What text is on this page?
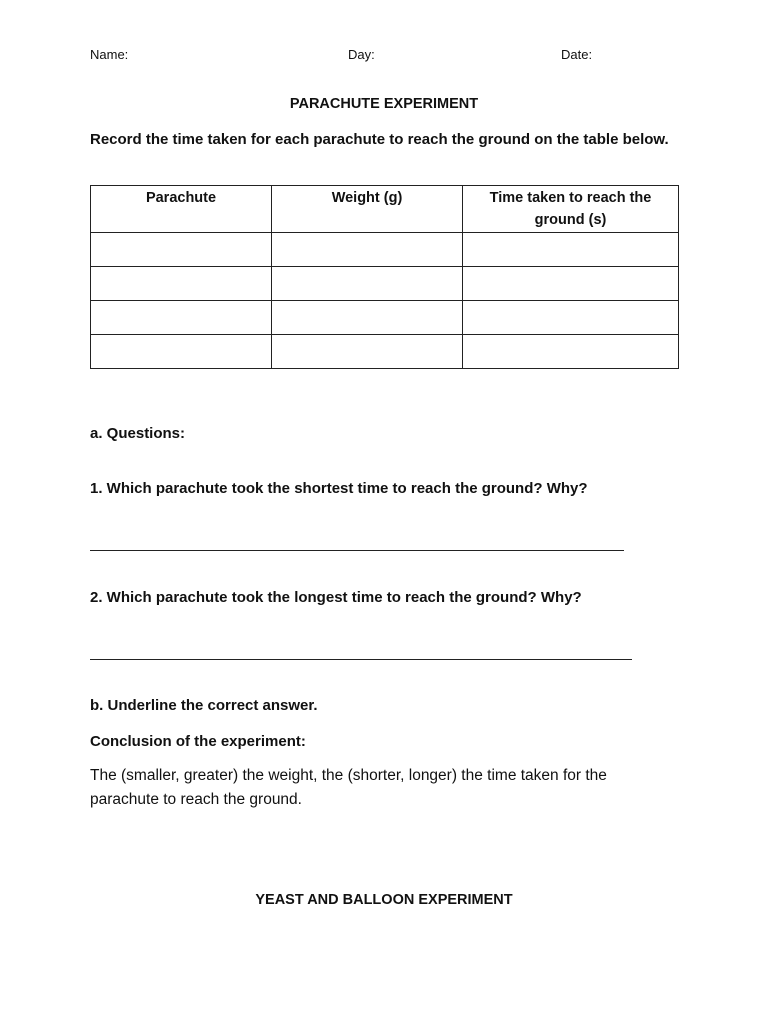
Name:	Day:	Date:
PARACHUTE EXPERIMENT
Record the time taken for each parachute to reach the ground on the table below.
Parachute	Weight (g)	Time taken to reach the ground (s)

a. Questions:
1. Which parachute took the shortest time to reach the ground? Why?
2. Which parachute took the longest time to reach the ground? Why?
b. Underline the correct answer.
Conclusion of the experiment:
The (smaller, greater) the weight, the (shorter, longer) the time taken for the parachute to reach the ground.
YEAST AND BALLOON EXPERIMENT
